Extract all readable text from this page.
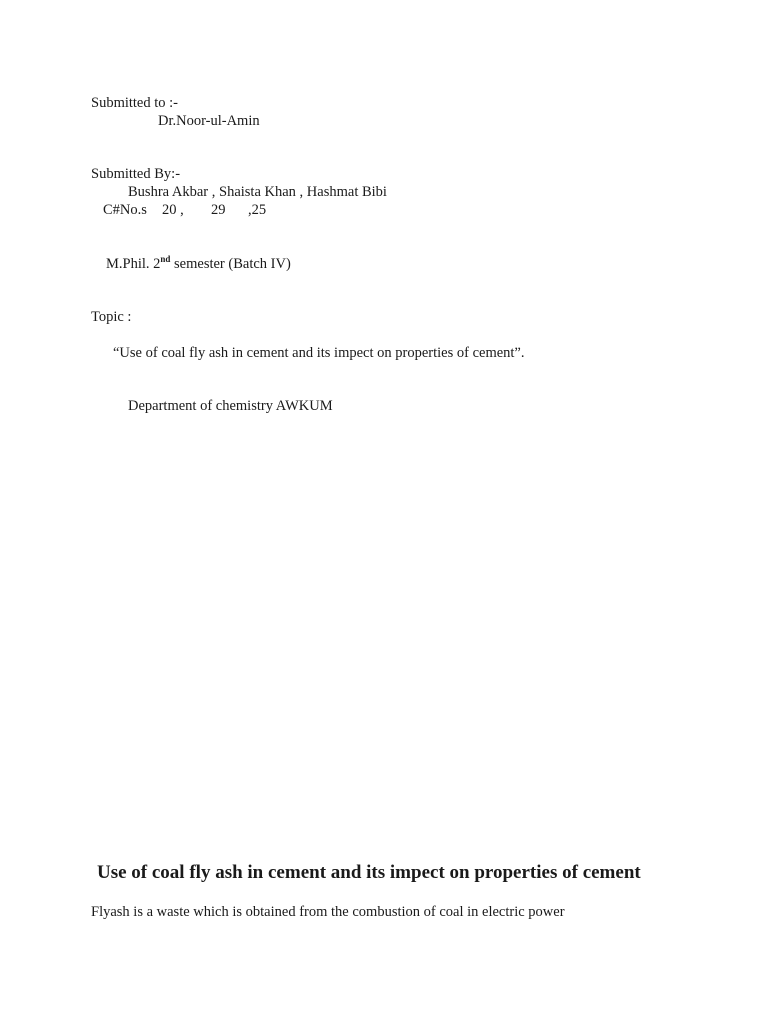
Submitted to :-
Dr.Noor-ul-Amin
Submitted By:-
Bushra Akbar , Shaista Khan , Hashmat Bibi
C#No.s 20 , 29 ,25
M.Phil. 2nd semester (Batch IV)
Topic :
“Use of coal fly ash in cement and its impect on properties of cement”.
Department of chemistry AWKUM
Use of coal fly ash in cement and its impect on properties of cement
Flyash is a waste which is obtained from the combustion of coal in electric power
